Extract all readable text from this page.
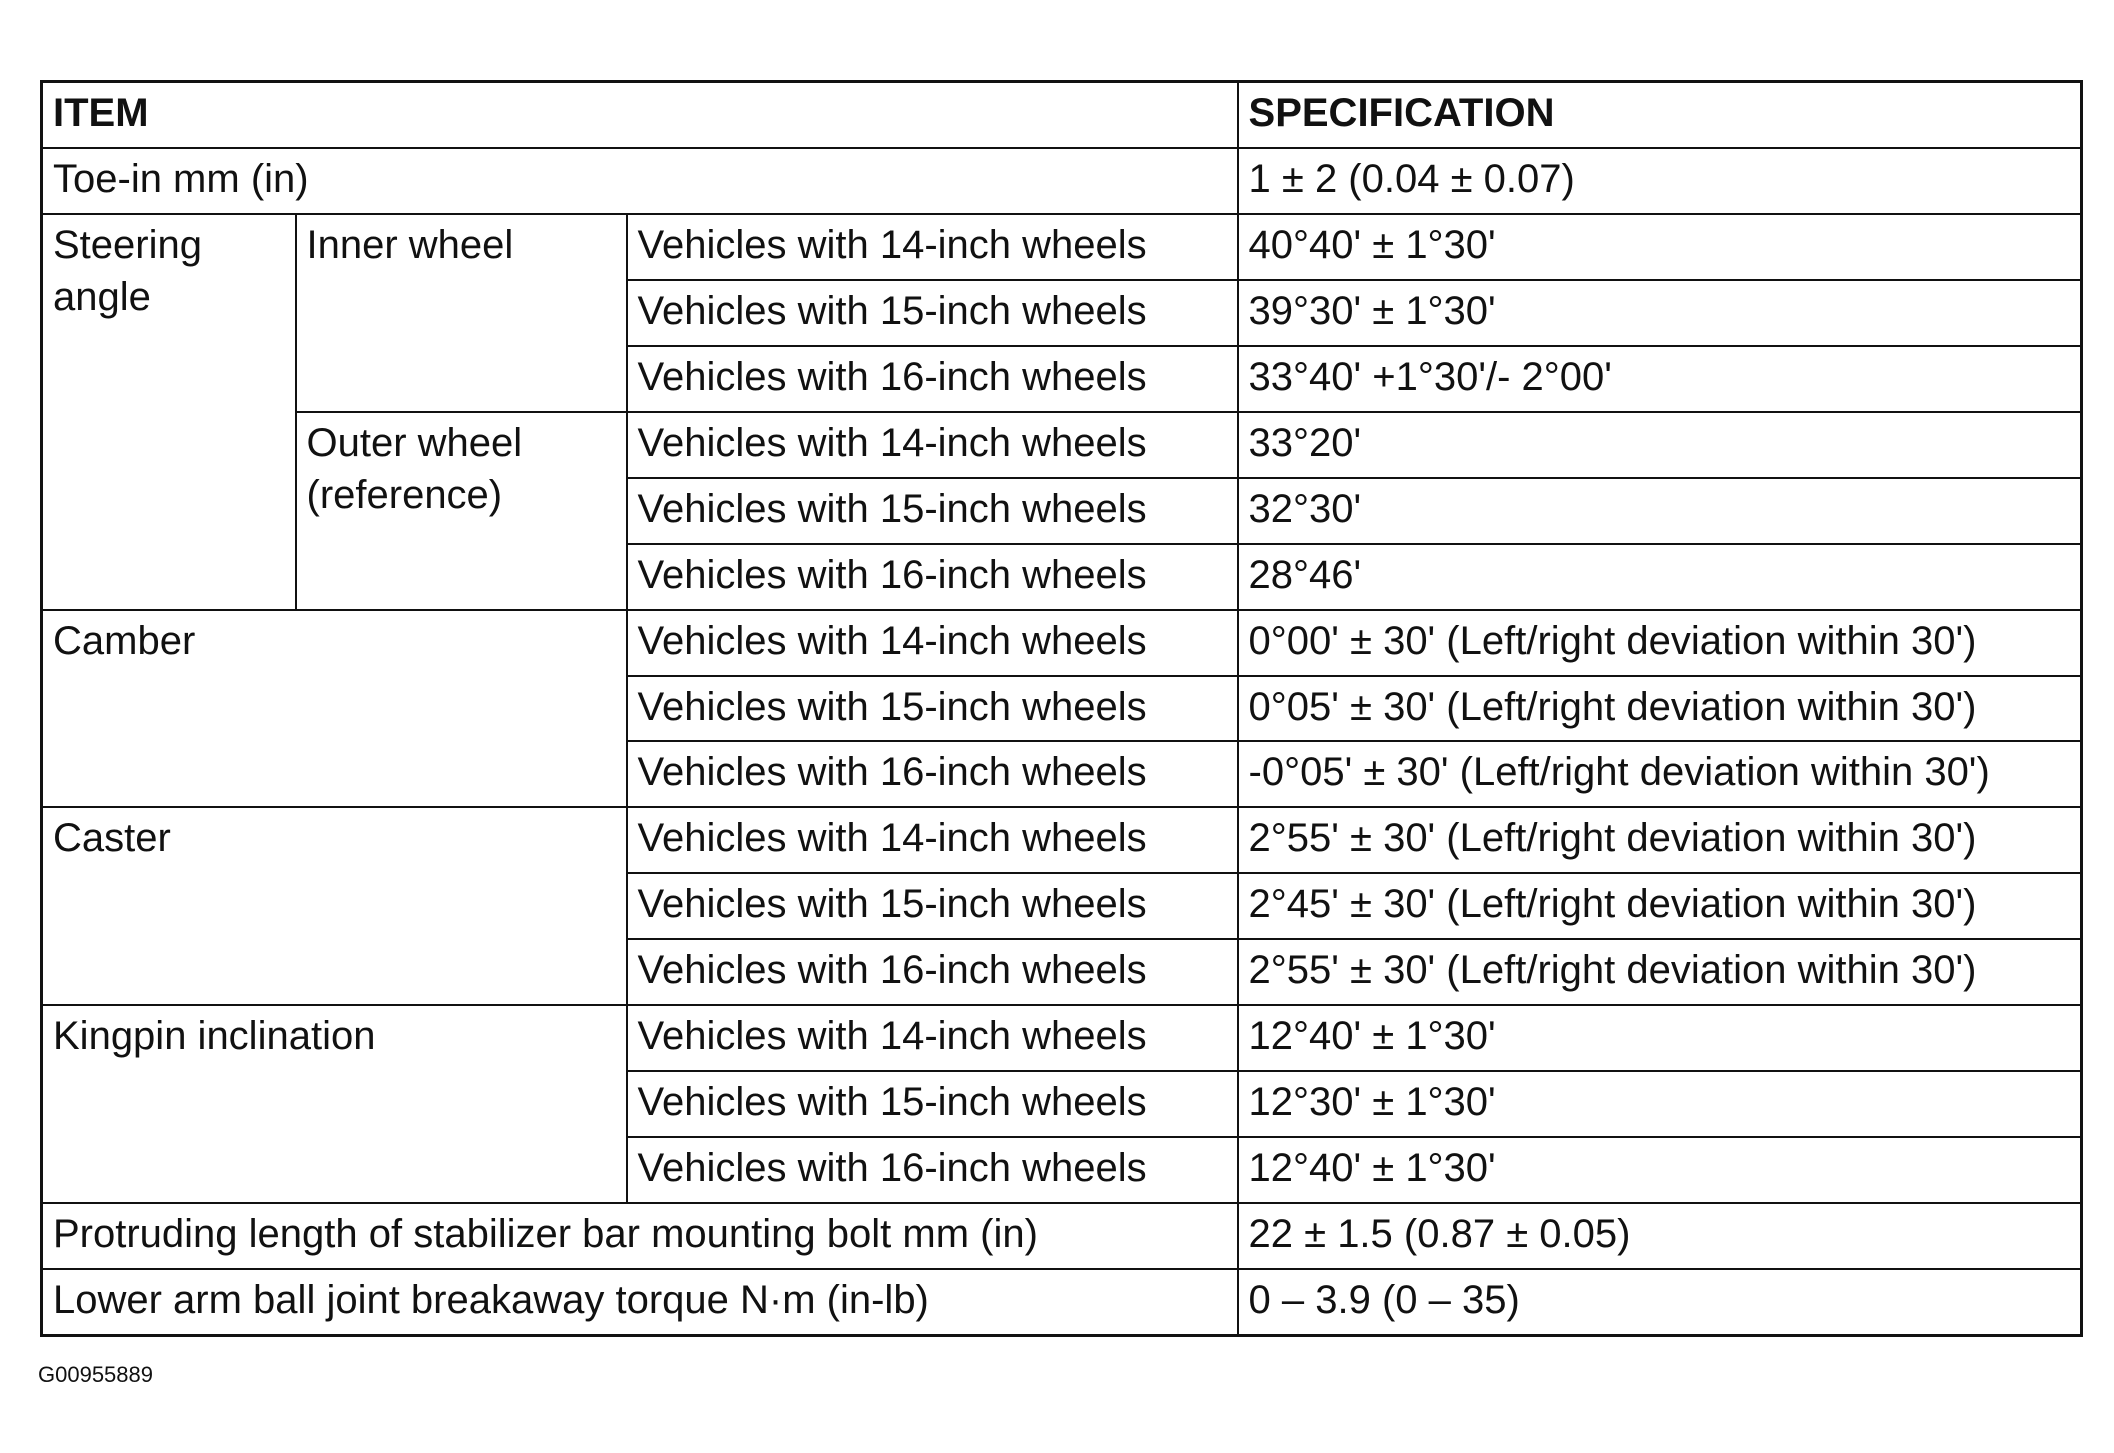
ITEM			SPECIFICATION
Toe-in mm (in)			1 ± 2 (0.04 ± 0.07)
Steering angle	Inner wheel	Vehicles with 14-inch wheels	40°40' ± 1°30'
		Vehicles with 15-inch wheels	39°30' ± 1°30'
		Vehicles with 16-inch wheels	33°40' +1°30'/- 2°00'
	Outer wheel (reference)	Vehicles with 14-inch wheels	33°20'
		Vehicles with 15-inch wheels	32°30'
		Vehicles with 16-inch wheels	28°46'
Camber		Vehicles with 14-inch wheels	0°00' ± 30' (Left/right deviation within 30')
		Vehicles with 15-inch wheels	0°05' ± 30' (Left/right deviation within 30')
		Vehicles with 16-inch wheels	-0°05' ± 30' (Left/right deviation within 30')
Caster		Vehicles with 14-inch wheels	2°55' ± 30' (Left/right deviation within 30')
		Vehicles with 15-inch wheels	2°45' ± 30' (Left/right deviation within 30')
		Vehicles with 16-inch wheels	2°55' ± 30' (Left/right deviation within 30')
Kingpin inclination		Vehicles with 14-inch wheels	12°40' ± 1°30'
		Vehicles with 15-inch wheels	12°30' ± 1°30'
		Vehicles with 16-inch wheels	12°40' ± 1°30'
Protruding length of stabilizer bar mounting bolt mm (in)			22 ± 1.5 (0.87 ± 0.05)
Lower arm ball joint breakaway torque N·m (in-lb)			0 – 3.9 (0 – 35)
G00955889
